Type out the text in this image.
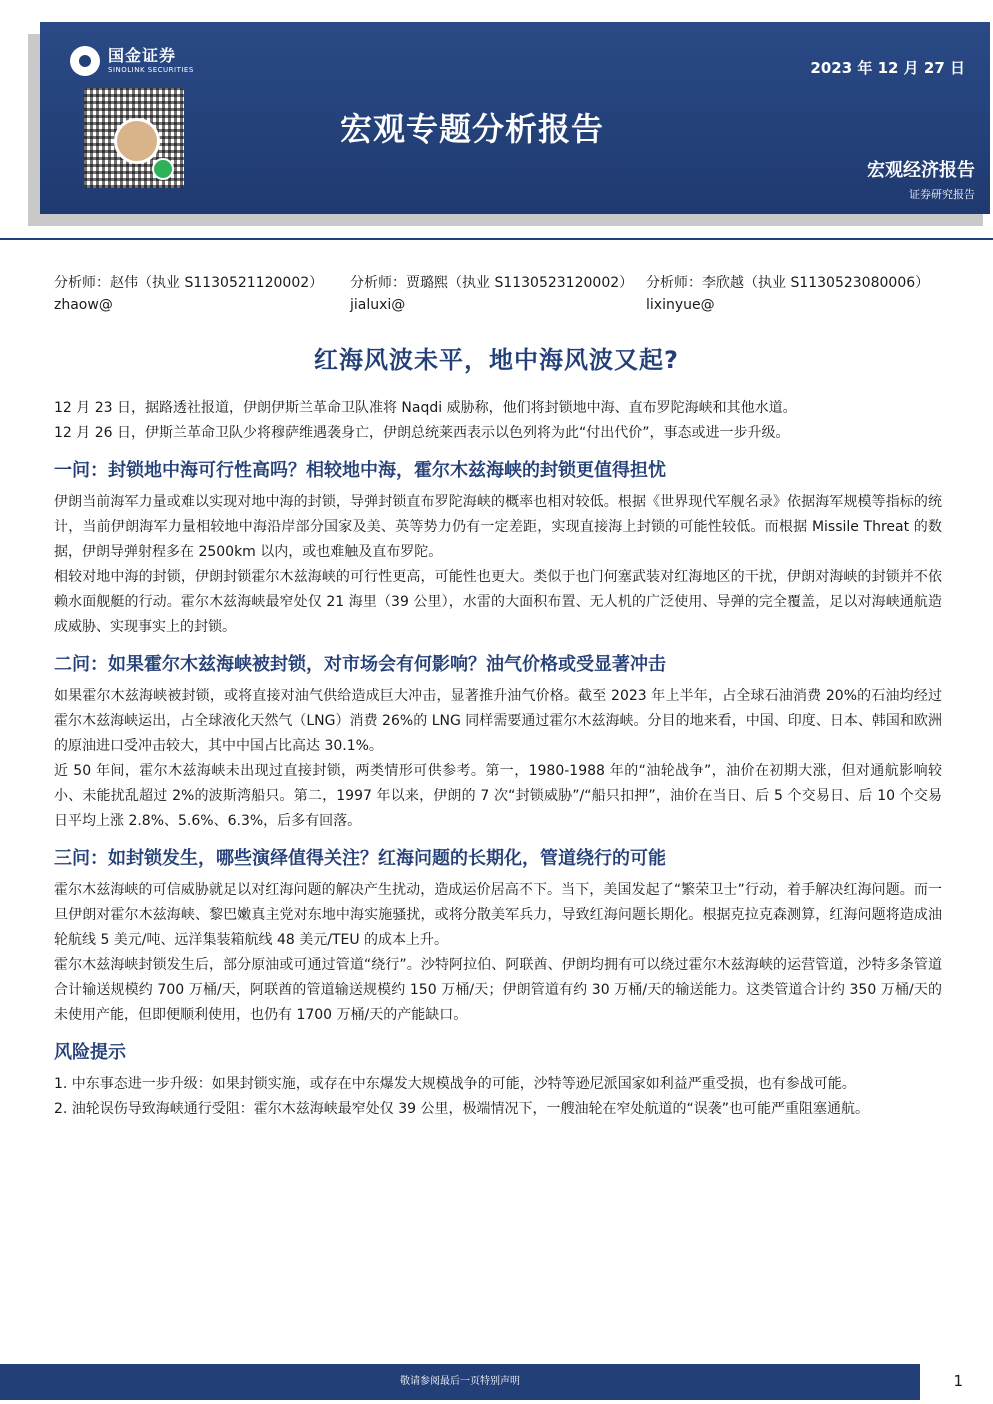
国金证券
SINOLINK SECURITIES	2023 年 12 月 27 日
宏观专题分析报告
宏观经济报告
证券研究报告
分析师：赵伟（执业 S1130521120002）
zhaow@
分析师：贾璐熙（执业 S1130523120002）
jialuxi@
分析师：李欣越（执业 S1130523080006）
lixinyue@
红海风波未平，地中海风波又起?

12 月 23 日，据路透社报道，伊朗伊斯兰革命卫队准将 Naqdi 威胁称，他们将封锁地中海、直布罗陀海峡和其他水道。

12 月 26 日，伊斯兰革命卫队少将穆萨维遇袭身亡，伊朗总统莱西表示以色列将为此“付出代价”，事态或进一步升级。

一问：封锁地中海可行性高吗？相较地中海，霍尔木兹海峡的封锁更值得担忧

伊朗当前海军力量或难以实现对地中海的封锁，导弹封锁直布罗陀海峡的概率也相对较低。根据《世界现代军舰名录》依据海军规模等指标的统计，当前伊朗海军力量相较地中海沿岸部分国家及美、英等势力仍有一定差距，实现直接海上封锁的可能性较低。而根据 Missile Threat 的数据，伊朗导弹射程多在 2500km 以内，或也难触及直布罗陀。

相较对地中海的封锁，伊朗封锁霍尔木兹海峡的可行性更高，可能性也更大。类似于也门何塞武装对红海地区的干扰，伊朗对海峡的封锁并不依赖水面舰艇的行动。霍尔木兹海峡最窄处仅 21 海里（39 公里），水雷的大面积布置、无人机的广泛使用、导弹的完全覆盖，足以对海峡通航造成威胁、实现事实上的封锁。

二问：如果霍尔木兹海峡被封锁，对市场会有何影响？油气价格或受显著冲击

如果霍尔木兹海峡被封锁，或将直接对油气供给造成巨大冲击，显著推升油气价格。截至 2023 年上半年，占全球石油消费 20%的石油均经过霍尔木兹海峡运出，占全球液化天然气（LNG）消费 26%的 LNG 同样需要通过霍尔木兹海峡。分目的地来看，中国、印度、日本、韩国和欧洲的原油进口受冲击较大，其中中国占比高达 30.1%。

近 50 年间，霍尔木兹海峡未出现过直接封锁，两类情形可供参考。第一，1980-1988 年的“油轮战争”，油价在初期大涨，但对通航影响较小、未能扰乱超过 2%的波斯湾船只。第二，1997 年以来，伊朗的 7 次“封锁威胁”/“船只扣押”，油价在当日、后 5 个交易日、后 10 个交易日平均上涨 2.8%、5.6%、6.3%，后多有回落。

三问：如封锁发生，哪些演绎值得关注？红海问题的长期化，管道绕行的可能

霍尔木兹海峡的可信威胁就足以对红海问题的解决产生扰动，造成运价居高不下。当下，美国发起了“繁荣卫士”行动，着手解决红海问题。而一旦伊朗对霍尔木兹海峡、黎巴嫩真主党对东地中海实施骚扰，或将分散美军兵力，导致红海问题长期化。根据克拉克森测算，红海问题将造成油轮航线 5 美元/吨、远洋集装箱航线 48 美元/TEU 的成本上升。

霍尔木兹海峡封锁发生后，部分原油或可通过管道“绕行”。沙特阿拉伯、阿联酋、伊朗均拥有可以绕过霍尔木兹海峡的运营管道，沙特多条管道合计输送规模约 700 万桶/天，阿联酋的管道输送规模约 150 万桶/天；伊朗管道有约 30 万桶/天的输送能力。这类管道合计约 350 万桶/天的未使用产能，但即便顺利使用，也仍有 1700 万桶/天的产能缺口。

风险提示

1. 中东事态进一步升级：如果封锁实施，或存在中东爆发大规模战争的可能，沙特等逊尼派国家如利益严重受损，也有参战可能。

2. 油轮误伤导致海峡通行受阻：霍尔木兹海峡最窄处仅 39 公里，极端情况下，一艘油轮在窄处航道的“误袭”也可能严重阻塞通航。

敬请参阅最后一页特别声明	1
